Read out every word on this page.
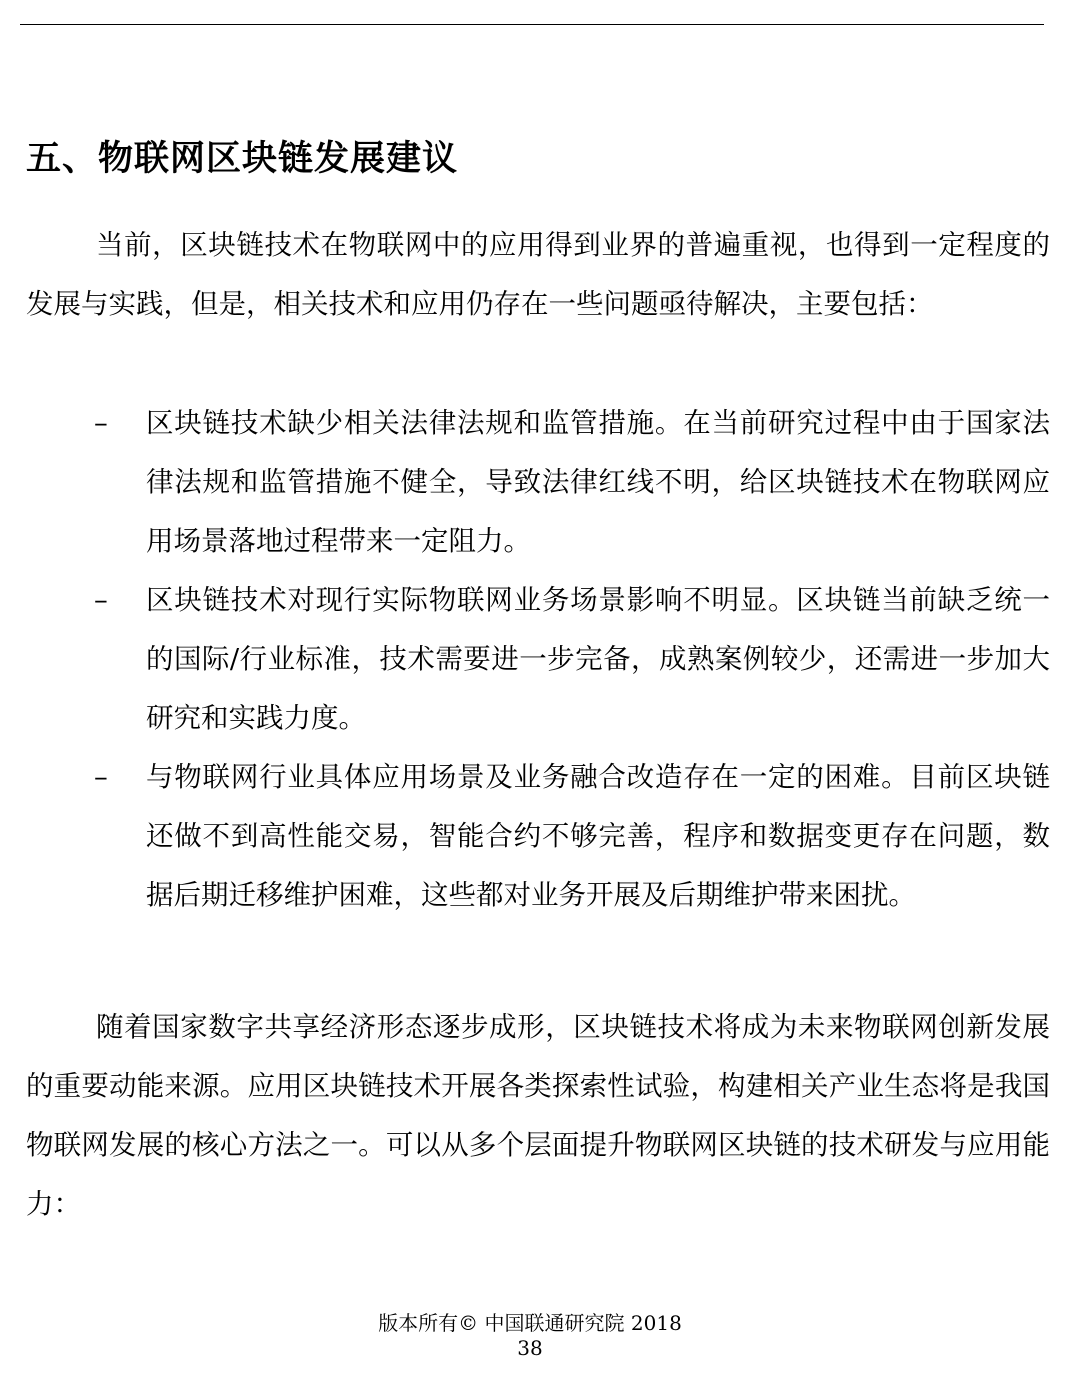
五、物联网区块链发展建议

当前，区块链技术在物联网中的应用得到业界的普遍重视，也得到一定程度的发展与实践，但是，相关技术和应用仍存在一些问题亟待解决，主要包括：

– 区块链技术缺少相关法律法规和监管措施。在当前研究过程中由于国家法律法规和监管措施不健全，导致法律红线不明，给区块链技术在物联网应用场景落地过程带来一定阻力。
– 区块链技术对现行实际物联网业务场景影响不明显。区块链当前缺乏统一的国际/行业标准，技术需要进一步完备，成熟案例较少，还需进一步加大研究和实践力度。
– 与物联网行业具体应用场景及业务融合改造存在一定的困难。目前区块链还做不到高性能交易，智能合约不够完善，程序和数据变更存在问题，数据后期迁移维护困难，这些都对业务开展及后期维护带来困扰。

随着国家数字共享经济形态逐步成形，区块链技术将成为未来物联网创新发展的重要动能来源。应用区块链技术开展各类探索性试验，构建相关产业生态将是我国物联网发展的核心方法之一。可以从多个层面提升物联网区块链的技术研发与应用能力：

版本所有© 中国联通研究院 2018
38
